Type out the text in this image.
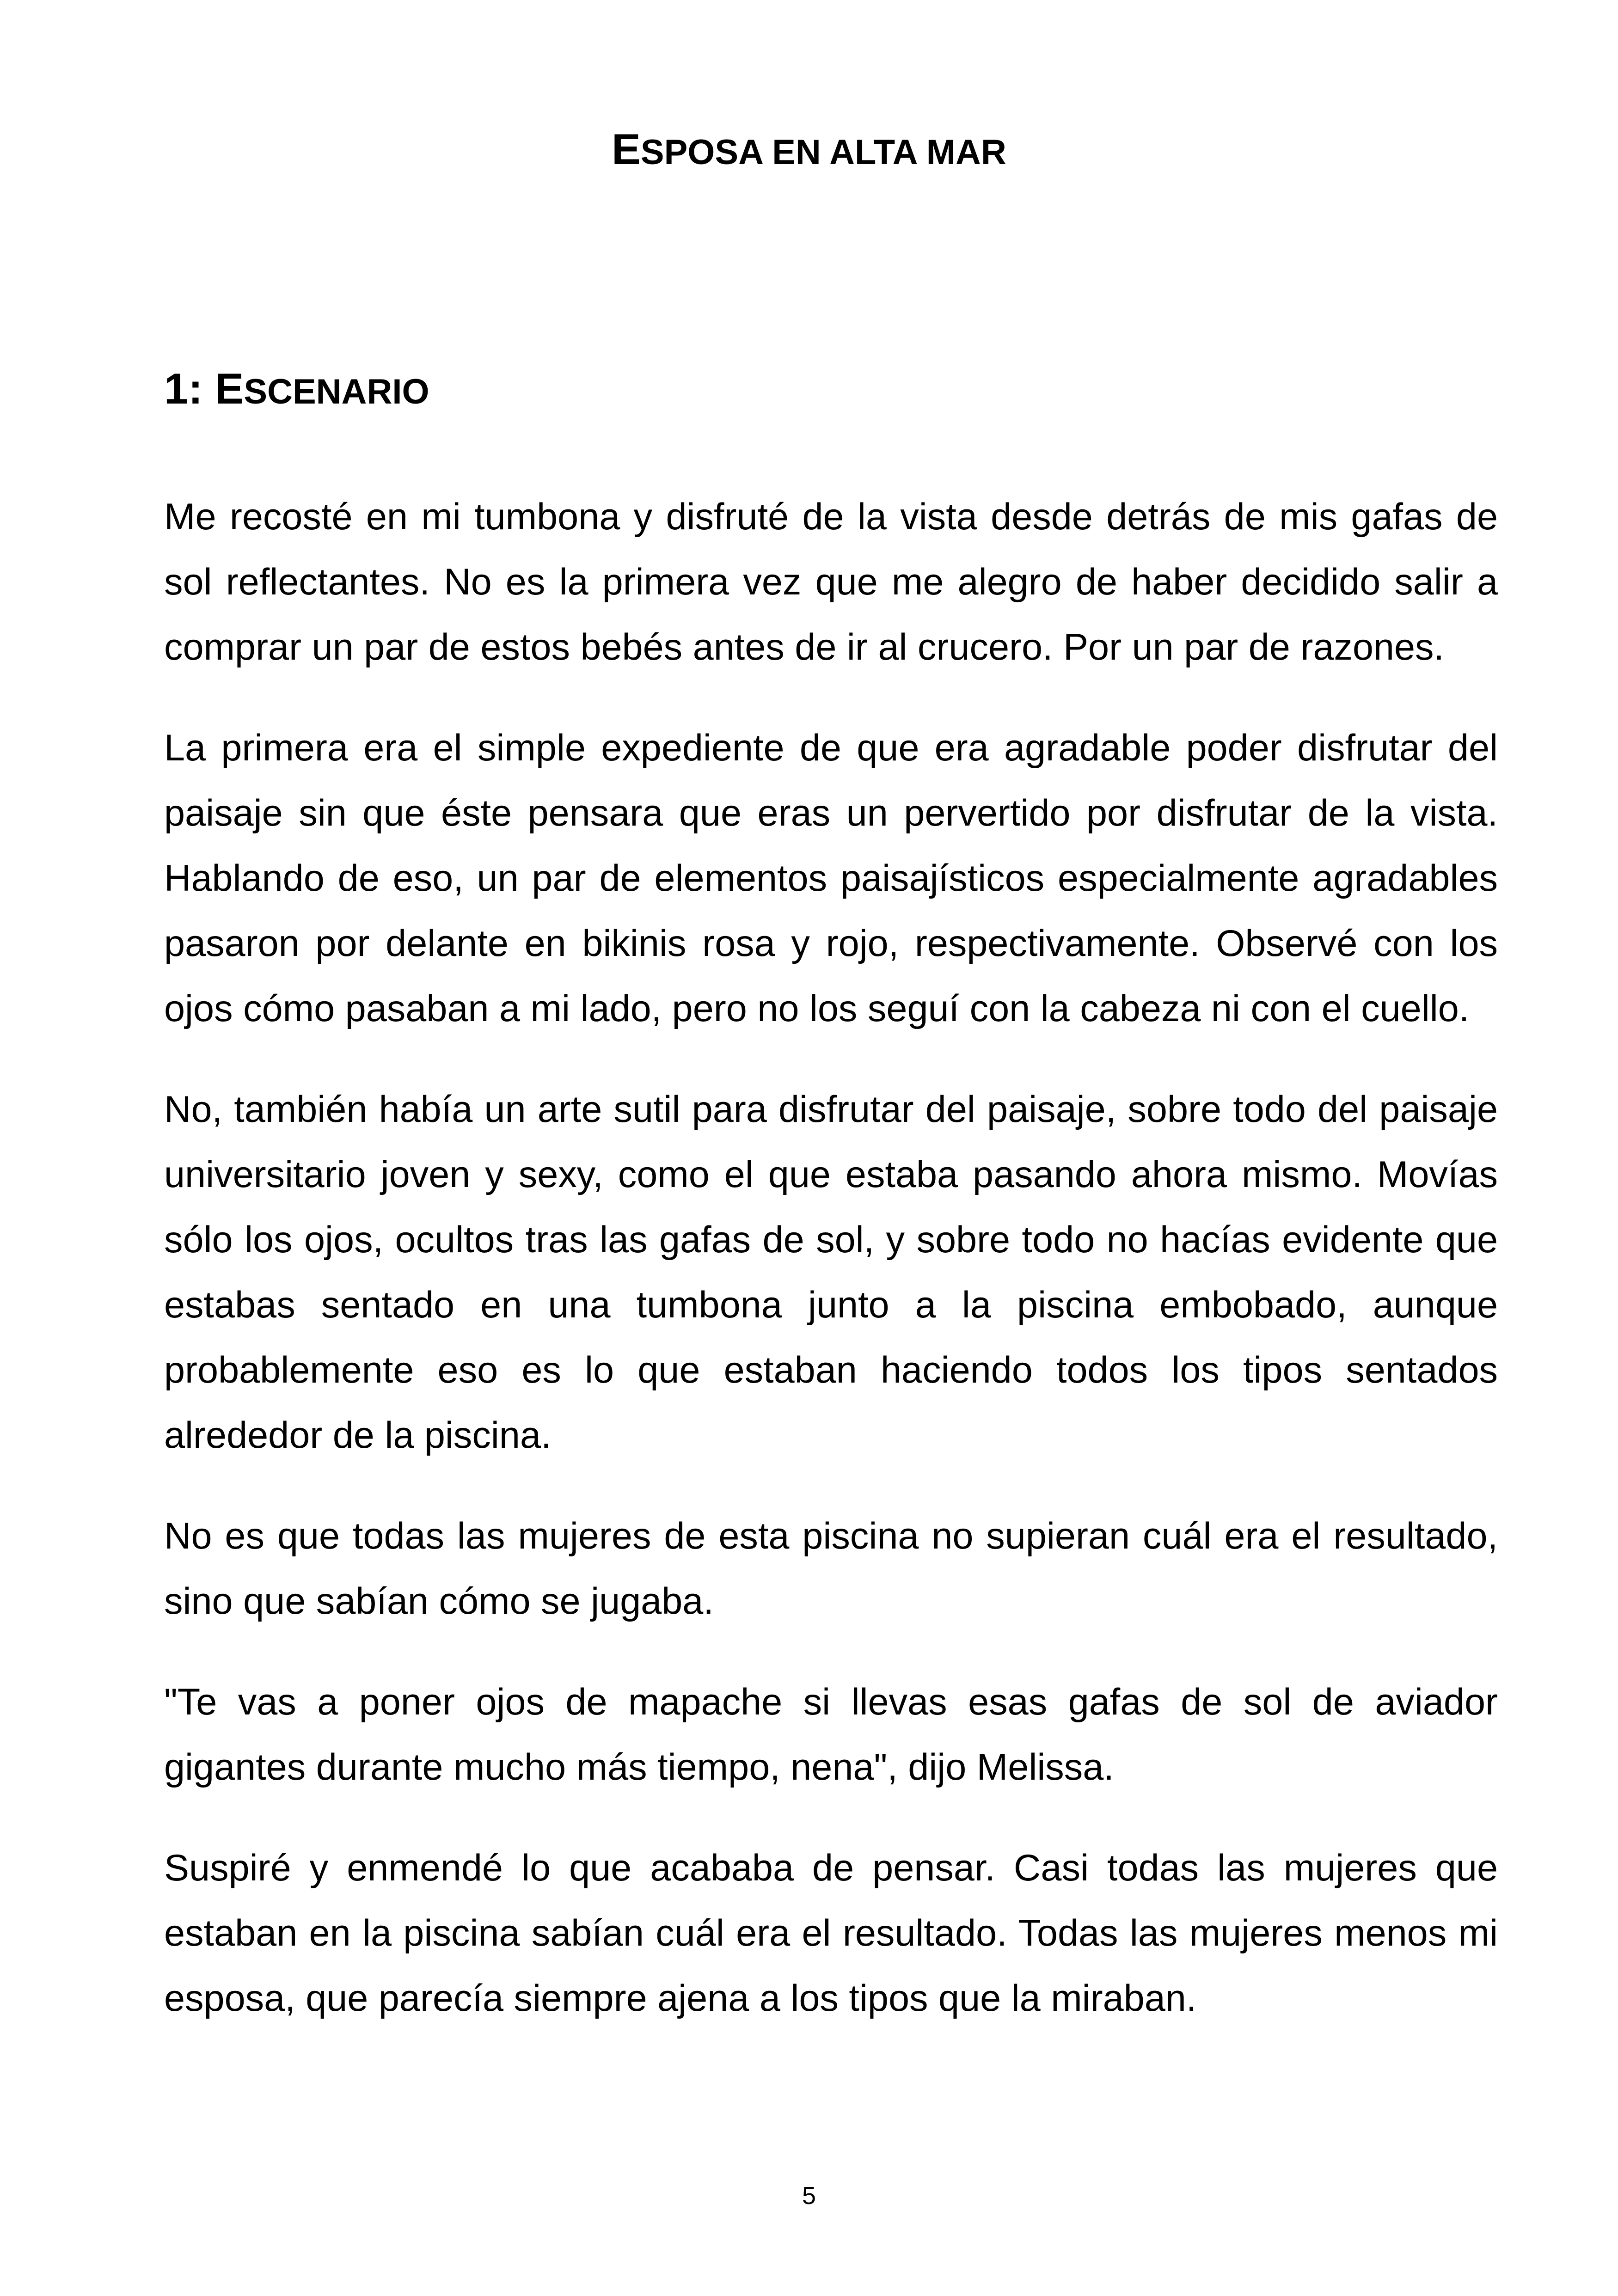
ESPOSA EN ALTA MAR
1: ESCENARIO

Me recosté en mi tumbona y disfruté de la vista desde detrás de mis gafas de sol reflectantes. No es la primera vez que me alegro de haber decidido salir a comprar un par de estos bebés antes de ir al crucero. Por un par de razones.

La primera era el simple expediente de que era agradable poder disfrutar del paisaje sin que éste pensara que eras un pervertido por disfrutar de la vista. Hablando de eso, un par de elementos paisajísticos especialmente agradables pasaron por delante en bikinis rosa y rojo, respectivamente. Observé con los ojos cómo pasaban a mi lado, pero no los seguí con la cabeza ni con el cuello.

No, también había un arte sutil para disfrutar del paisaje, sobre todo del paisaje universitario joven y sexy, como el que estaba pasando ahora mismo. Movías sólo los ojos, ocultos tras las gafas de sol, y sobre todo no hacías evidente que estabas sentado en una tumbona junto a la piscina embobado, aunque probablemente eso es lo que estaban haciendo todos los tipos sentados alrededor de la piscina.

No es que todas las mujeres de esta piscina no supieran cuál era el resultado, sino que sabían cómo se jugaba.

"Te vas a poner ojos de mapache si llevas esas gafas de sol de aviador gigantes durante mucho más tiempo, nena", dijo Melissa.

Suspiré y enmendé lo que acababa de pensar. Casi todas las mujeres que estaban en la piscina sabían cuál era el resultado. Todas las mujeres menos mi esposa, que parecía siempre ajena a los tipos que la miraban.

5
